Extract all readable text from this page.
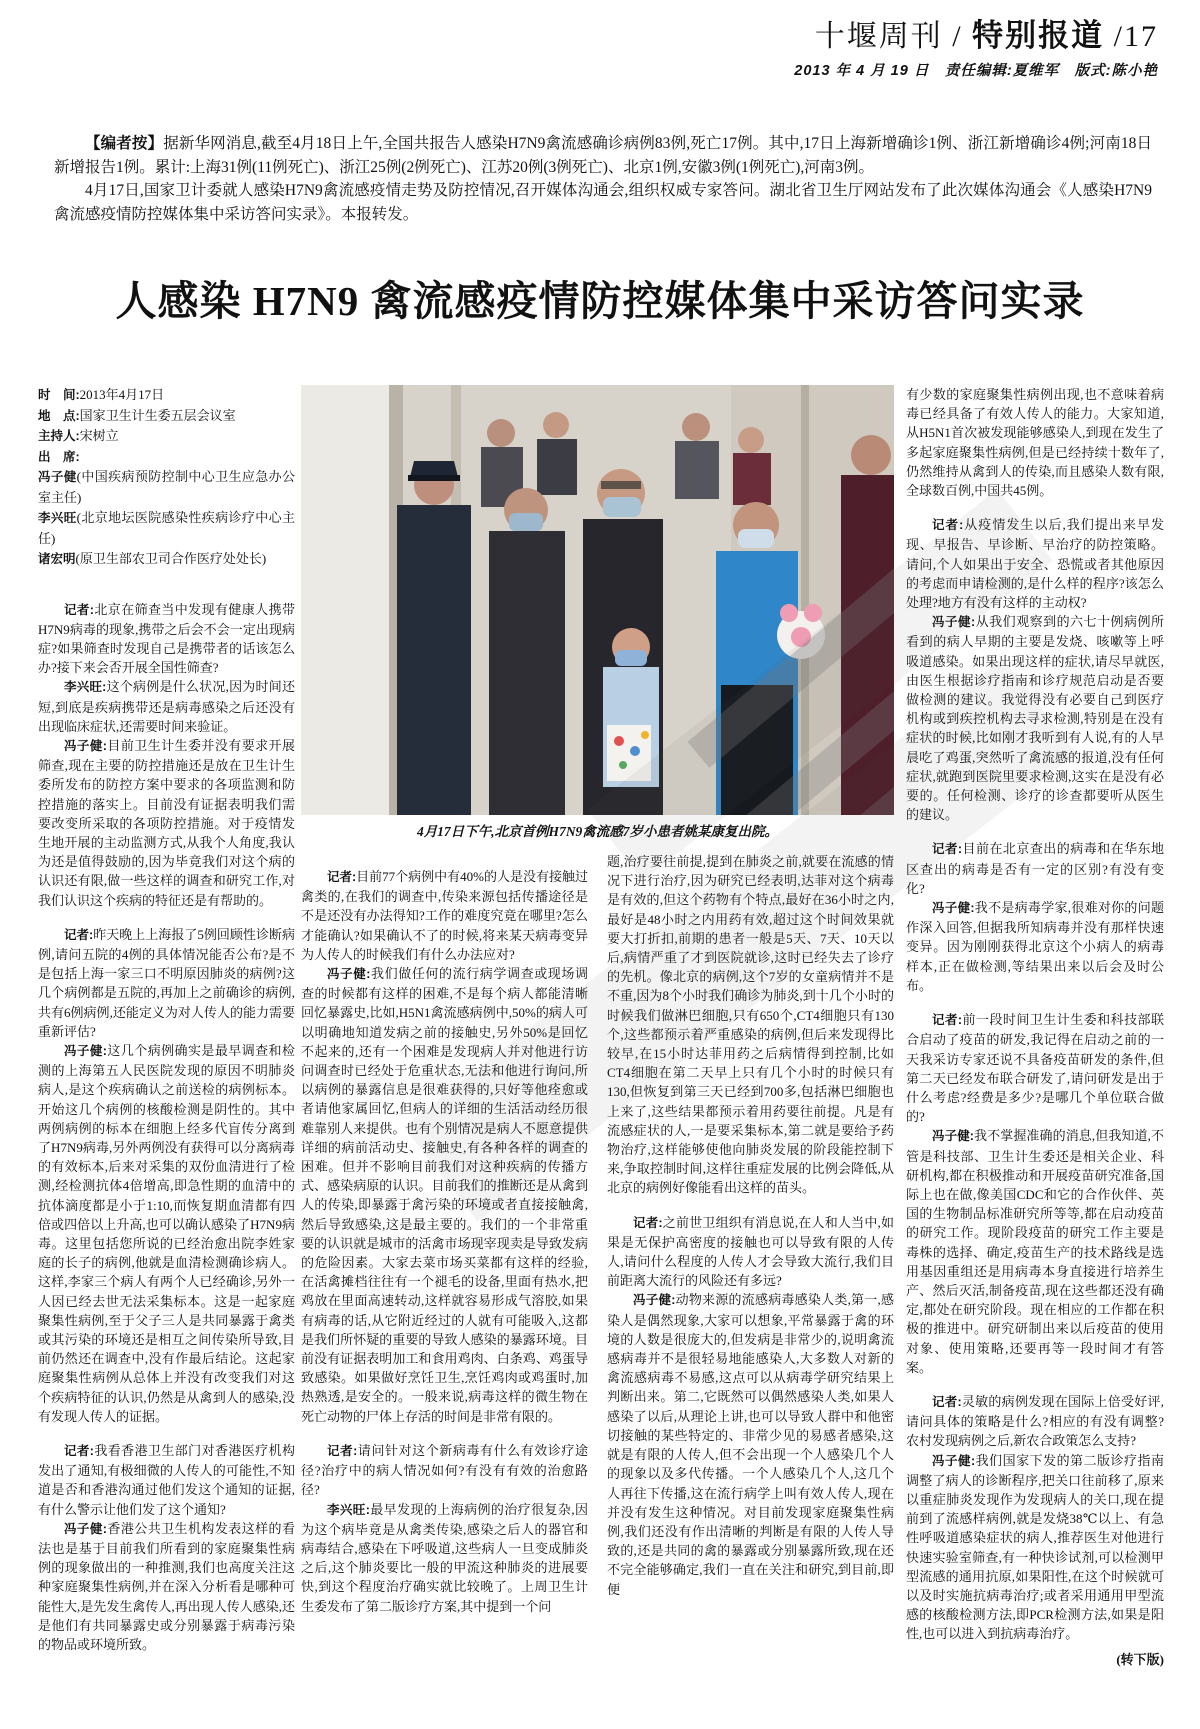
十堰周刊 / 特别报道 /17
2013 年 4 月 19 日　责任编辑:夏维军　版式:陈小艳

【编者按】据新华网消息,截至4月18日上午,全国共报告人感染H7N9禽流感确诊病例83例,死亡17例。其中,17日上海新增确诊1例、浙江新增确诊4例;河南18日新增报告1例。累计:上海31例(11例死亡)、浙江25例(2例死亡)、江苏20例(3例死亡)、北京1例,安徽3例(1例死亡),河南3例。

4月17日,国家卫计委就人感染H7N9禽流感疫情走势及防控情况,召开媒体沟通会,组织权威专家答问。湖北省卫生厅网站发布了此次媒体沟通会《人感染H7N9禽流感疫情防控媒体集中采访答问实录》。本报转发。

人感染 H7N9 禽流感疫情防控媒体集中采访答问实录
时　间:2013年4月17日
地　点:国家卫生计生委五层会议室
主持人:宋树立
出　席:
冯子健(中国疾病预防控制中心卫生应急办公室主任)
李兴旺(北京地坛医院感染性疾病诊疗中心主任)
诸宏明(原卫生部农卫司合作医疗处处长)

记者:北京在筛查当中发现有健康人携带H7N9病毒的现象,携带之后会不会一定出现病症?如果筛查时发现自己是携带者的话该怎么办?接下来会否开展全国性筛查?

李兴旺:这个病例是什么状况,因为时间还短,到底是疾病携带还是病毒感染之后还没有出现临床症状,还需要时间来验证。

冯子健:目前卫生计生委并没有要求开展筛查,现在主要的防控措施还是放在卫生计生委所发布的防控方案中要求的各项监测和防控措施的落实上。目前没有证据表明我们需要改变所采取的各项防控措施。对于疫情发生地开展的主动监测方式,从我个人角度,我认为还是值得鼓励的,因为毕竟我们对这个病的认识还有限,做一些这样的调查和研究工作,对我们认识这个疾病的特征还是有帮助的。

记者:昨天晚上上海报了5例回顾性诊断病例,请问五院的4例的具体情况能否公布?是不是包括上海一家三口不明原因肺炎的病例?这几个病例都是五院的,再加上之前确诊的病例,共有6例病例,还能定义为对人传人的能力需要重新评估?

冯子健:这几个病例确实是最早调查和检测的上海第五人民医院发现的原因不明肺炎病人,是这个疾病确认之前送检的病例标本。开始这几个病例的核酸检测是阴性的。其中两例病例的标本在细胞上经多代盲传分离到了H7N9病毒,另外两例没有获得可以分离病毒的有效标本,后来对采集的双份血清进行了检测,经检测抗体4倍增高,即急性期的血清中的抗体滴度都是小于1:10,而恢复期血清都有四倍或四倍以上升高,也可以确认感染了H7N9病毒。这里包括您所说的已经治愈出院李姓家庭的长子的病例,他就是血清检测确诊病人。这样,李家三个病人有两个人已经确诊,另外一人因已经去世无法采集标本。这是一起家庭聚集性病例,至于父子三人是共同暴露于禽类或其污染的环境还是相互之间传染所导致,目前仍然还在调查中,没有作最后结论。这起家庭聚集性病例从总体上并没有改变我们对这个疾病特征的认识,仍然是从禽到人的感染,没有发现人传人的证据。

记者:我看香港卫生部门对香港医疗机构发出了通知,有极细微的人传人的可能性,不知道是否和香港沟通过他们发这个通知的证据,有什么警示让他们发了这个通知?

冯子健:香港公共卫生机构发表这样的看法也是基于目前我们所看到的家庭聚集性病例的现象做出的一种推测,我们也高度关注这种家庭聚集性病例,并在深入分析看是哪种可能性大,是先发生禽传人,再出现人传人感染,还是他们有共同暴露史或分别暴露于病毒污染的物品或环境所致。

4月17日下午,北京首例H7N9禽流感7岁小患者姚某康复出院。

记者:目前77个病例中有40%的人是没有接触过禽类的,在我们的调查中,传染来源包括传播途径是不是还没有办法得知?工作的难度究竟在哪里?怎么才能确认?如果确认不了的时候,将来某天病毒变异为人传人的时候我们有什么办法应对?

冯子健:我们做任何的流行病学调查或现场调查的时候都有这样的困难,不是每个病人都能清晰回忆暴露史,比如,H5N1禽流感病例中,50%的病人可以明确地知道发病之前的接触史,另外50%是回忆不起来的,还有一个困难是发现病人并对他进行访问调查时已经处于危重状态,无法和他进行询问,所以病例的暴露信息是很难获得的,只好等他痊愈或者请他家属回忆,但病人的详细的生活活动经历很难靠别人来提供。也有个别情况是病人不愿意提供详细的病前活动史、接触史,有各种各样的调查的困难。但并不影响目前我们对这种疾病的传播方式、感染病原的认识。目前我们的推断还是从禽到人的传染,即暴露于禽污染的环境或者直接接触禽,然后导致感染,这是最主要的。我们的一个非常重要的认识就是城市的活禽市场现宰现卖是导致发病的危险因素。大家去菜市场买菜都有这样的经验,在活禽摊档往往有一个褪毛的设备,里面有热水,把鸡放在里面高速转动,这样就容易形成气溶胶,如果有病毒的话,从它附近经过的人就有可能吸入,这都是我们所怀疑的重要的导致人感染的暴露环境。目前没有证据表明加工和食用鸡肉、白条鸡、鸡蛋导致感染。如果做好烹饪卫生,烹饪鸡肉或鸡蛋时,加热熟透,是安全的。一般来说,病毒这样的微生物在死亡动物的尸体上存活的时间是非常有限的。

记者:请问针对这个新病毒有什么有效诊疗途径?治疗中的病人情况如何?有没有有效的治愈路径?

李兴旺:最早发现的上海病例的治疗很复杂,因为这个病毕竟是从禽类传染,感染之后人的器官和病毒结合,感染在下呼吸道,这些病人一旦变成肺炎之后,这个肺炎要比一般的甲流这种肺炎的进展要快,到这个程度治疗确实就比较晚了。上周卫生计生委发布了第二版诊疗方案,其中提到一个问

题,治疗要往前提,提到在肺炎之前,就要在流感的情况下进行治疗,因为研究已经表明,达菲对这个病毒是有效的,但这个药物有个特点,最好在36小时之内,最好是48小时之内用药有效,超过这个时间效果就要大打折扣,前期的患者一般是5天、7天、10天以后,病情严重了才到医院就诊,这时已经失去了诊疗的先机。像北京的病例,这个7岁的女童病情并不是不重,因为8个小时我们确诊为肺炎,到十几个小时的时候我们做淋巴细胞,只有650个,CT4细胞只有130个,这些都预示着严重感染的病例,但后来发现得比较早,在15小时达菲用药之后病情得到控制,比如CT4细胞在第二天早上只有几个小时的时候只有130,但恢复到第三天已经到700多,包括淋巴细胞也上来了,这些结果都预示着用药要往前提。凡是有流感症状的人,一是要采集标本,第二就是要给予药物治疗,这样能够使他向肺炎发展的阶段能控制下来,争取控制时间,这样往重症发展的比例会降低,从北京的病例好像能看出这样的苗头。

记者:之前世卫组织有消息说,在人和人当中,如果是无保护高密度的接触也可以导致有限的人传人,请问什么程度的人传人才会导致大流行,我们目前距离大流行的风险还有多远?

冯子健:动物来源的流感病毒感染人类,第一,感染人是偶然现象,大家可以想象,平常暴露于禽的环境的人数是很庞大的,但发病是非常少的,说明禽流感病毒并不是很轻易地能感染人,大多数人对新的禽流感病毒不易感,这点可以从病毒学研究结果上判断出来。第二,它既然可以偶然感染人类,如果人感染了以后,从理论上讲,也可以导致人群中和他密切接触的某些特定的、非常少见的易感者感染,这就是有限的人传人,但不会出现一个人感染几个人的现象以及多代传播。一个人感染几个人,这几个人再往下传播,这在流行病学上叫有效人传人,现在并没有发生这种情况。对目前发现家庭聚集性病例,我们还没有作出清晰的判断是有限的人传人导致的,还是共同的禽的暴露或分别暴露所致,现在还不完全能够确定,我们一直在关注和研究,到目前,即便

有少数的家庭聚集性病例出现,也不意味着病毒已经具备了有效人传人的能力。大家知道,从H5N1首次被发现能够感染人,到现在发生了多起家庭聚集性病例,但是已经持续十数年了,仍然维持从禽到人的传染,而且感染人数有限,全球数百例,中国共45例。

记者:从疫情发生以后,我们提出来早发现、早报告、早诊断、早治疗的防控策略。请问,个人如果出于安全、恐慌或者其他原因的考虑而申请检测的,是什么样的程序?该怎么处理?地方有没有这样的主动权?

冯子健:从我们观察到的六七十例病例所看到的病人早期的主要是发烧、咳嗽等上呼吸道感染。如果出现这样的症状,请尽早就医,由医生根据诊疗指南和诊疗规范启动是否要做检测的建议。我觉得没有必要自己到医疗机构或到疾控机构去寻求检测,特别是在没有症状的时候,比如刚才我听到有人说,有的人早晨吃了鸡蛋,突然听了禽流感的报道,没有任何症状,就跑到医院里要求检测,这实在是没有必要的。任何检测、诊疗的诊查都要听从医生的建议。

记者:目前在北京查出的病毒和在华东地区查出的病毒是否有一定的区别?有没有变化?

冯子健:我不是病毒学家,很难对你的问题作深入回答,但据我所知病毒并没有那样快速变异。因为刚刚获得北京这个小病人的病毒样本,正在做检测,等结果出来以后会及时公布。

记者:前一段时间卫生计生委和科技部联合启动了疫苗的研发,我记得在启动之前的一天我采访专家还说不具备疫苗研发的条件,但第二天已经发布联合研发了,请问研发是出于什么考虑?经费是多少?是哪几个单位联合做的?

冯子健:我不掌握准确的消息,但我知道,不管是科技部、卫生计生委还是相关企业、科研机构,都在积极推动和开展疫苗研究准备,国际上也在做,像美国CDC和它的合作伙伴、英国的生物制品标准研究所等等,都在启动疫苗的研究工作。现阶段疫苗的研究工作主要是毒株的选择、确定,疫苗生产的技术路线是选用基因重组还是用病毒本身直接进行培养生产、然后灭活,制备疫苗,现在这些都还没有确定,都处在研究阶段。现在相应的工作都在积极的推进中。研究研制出来以后疫苗的使用对象、使用策略,还要再等一段时间才有答案。

记者:灵敏的病例发现在国际上倍受好评,请问具体的策略是什么?相应的有没有调整?农村发现病例之后,新农合政策怎么支持?

冯子健:我们国家下发的第二版诊疗指南调整了病人的诊断程序,把关口往前移了,原来以重症肺炎发现作为发现病人的关口,现在提前到了流感样病例,就是发烧38℃以上、有急性呼吸道感染症状的病人,推荐医生对他进行快速实验室筛查,有一种快诊试剂,可以检测甲型流感的通用抗原,如果阳性,在这个时候就可以及时实施抗病毒治疗;或者采用通用甲型流感的核酸检测方法,即PCR检测方法,如果是阳性,也可以进入到抗病毒治疗。

(转下版)
